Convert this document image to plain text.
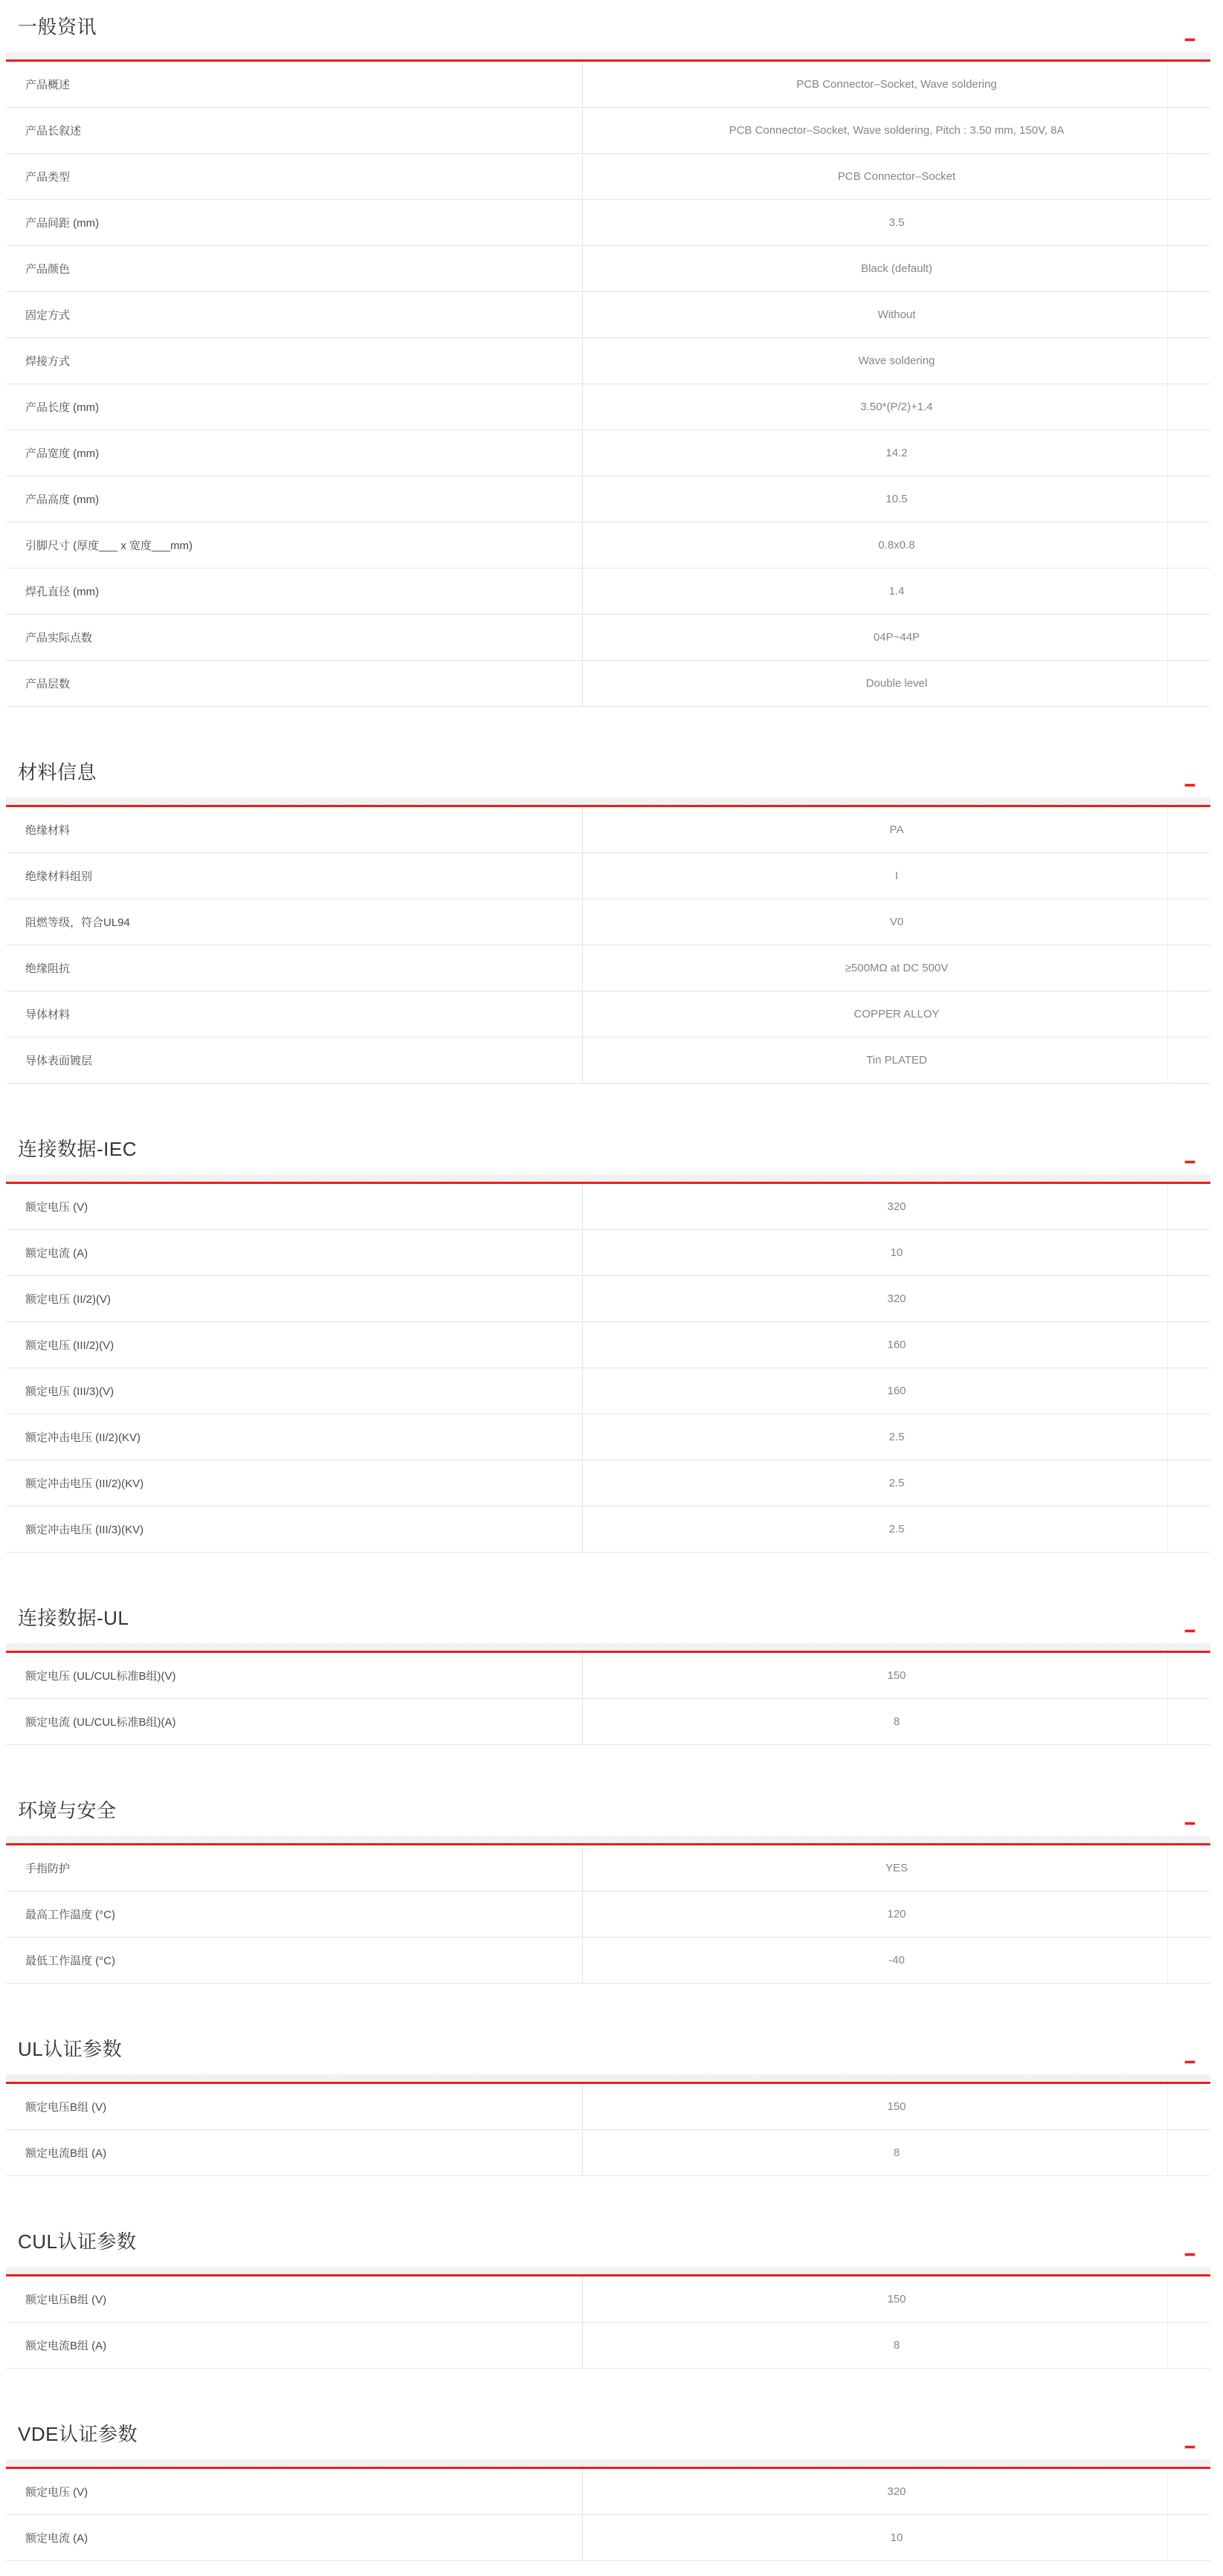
一般资讯
产品概述	PCB Connector–Socket, Wave soldering
产品长叙述	PCB Connector–Socket, Wave soldering, Pitch : 3.50 mm, 150V, 8A
产品类型	PCB Connector–Socket
产品间距 (mm)	3.5
产品颜色	Black (default)
固定方式	Without
焊接方式	Wave soldering
产品长度 (mm)	3.50*(P/2)+1.4
产品宽度 (mm)	14.2
产品高度 (mm)	10.5
引脚尺寸 (厚度___ x 宽度___mm)	0.8x0.8
焊孔直径 (mm)	1.4
产品实际点数	04P~44P
产品层数	Double level
材料信息
绝缘材料	PA
绝缘材料组别	I
阻燃等级，符合UL94	V0
绝缘阻抗	≥500MΩ at DC 500V
导体材料	COPPER ALLOY
导体表面镀层	Tin PLATED
连接数据-IEC
额定电压 (V)	320
额定电流 (A)	10
额定电压 (II/2)(V)	320
额定电压 (III/2)(V)	160
额定电压 (III/3)(V)	160
额定冲击电压 (II/2)(KV)	2.5
额定冲击电压 (III/2)(KV)	2.5
额定冲击电压 (III/3)(KV)	2.5
连接数据-UL
额定电压 (UL/CUL标准B组)(V)	150
额定电流 (UL/CUL标准B组)(A)	8
环境与安全
手指防护	YES
最高工作温度 (°C)	120
最低工作温度 (°C)	-40
UL认证参数
额定电压B组 (V)	150
额定电流B组 (A)	8
CUL认证参数
额定电压B组 (V)	150
额定电流B组 (A)	8
VDE认证参数
额定电压 (V)	320
额定电流 (A)	10
